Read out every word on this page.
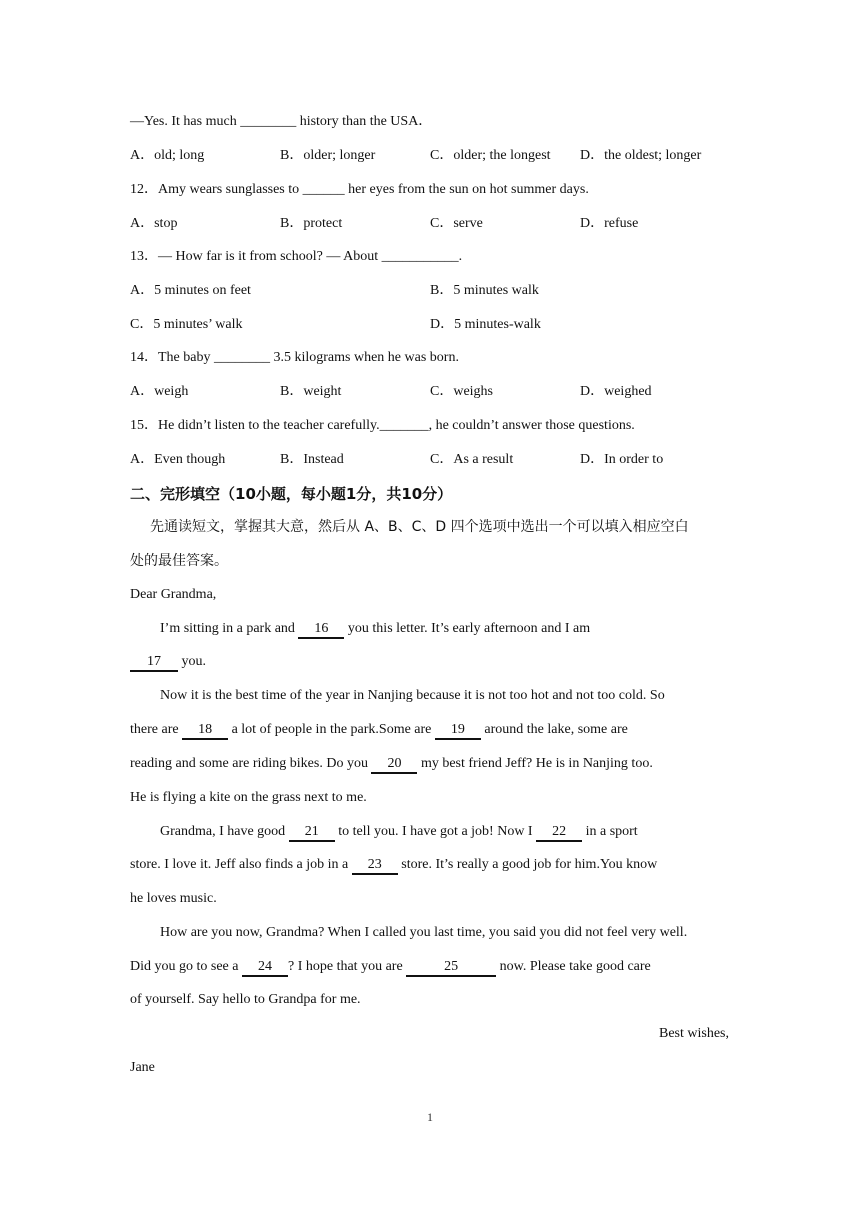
—Yes. It has much ________ history than the USA．
A．old; long	B．older; longer	C．older; the longest D．the oldest; longer
12．Amy wears sunglasses to ______ her eyes from the sun on hot summer days.
A．stop	B．protect	C．serve	D．refuse
13．— How far is it from school? — About ___________.
A．5 minutes on feet	B．5 minutes walk
C．5 minutes’ walk	D．5 minutes-walk
14．The baby ________ 3.5 kilograms when he was born.
A．weigh	B．weight	C．weighs	D．weighed
15．He didn’t listen to the teacher carefully._______, he couldn’t answer those questions.
A．Even though	B．Instead	C．As a result	D．In order to
二、完形填空（10小题，每小题1分，共10分）
先通读短文，掌握其大意，然后从 A、B、C、D 四个选项中选出一个可以填入相应空白
处的最佳答案。
Dear Grandma,
I’m sitting in a park and 16 you this letter. It’s early afternoon and I am
17 you.
Now it is the best time of the year in Nanjing because it is not too hot and not too cold. So
there are 18 a lot of people in the park.Some are 19 around the lake, some are
reading and some are riding bikes. Do you 20 my best friend Jeff? He is in Nanjing too.
He is flying a kite on the grass next to me.
Grandma, I have good 21 to tell you. I have got a job! Now I 22 in a sport
store. I love it. Jeff also finds a job in a 23 store. It’s really a good job for him.You know
he loves music.
How are you now, Grandma? When I called you last time, you said you did not feel very well.
Did you go to see a 24 ? I hope that you are	25	now. Please take good care
of yourself. Say hello to Grandpa for me.
Best wishes,
Jane
1
